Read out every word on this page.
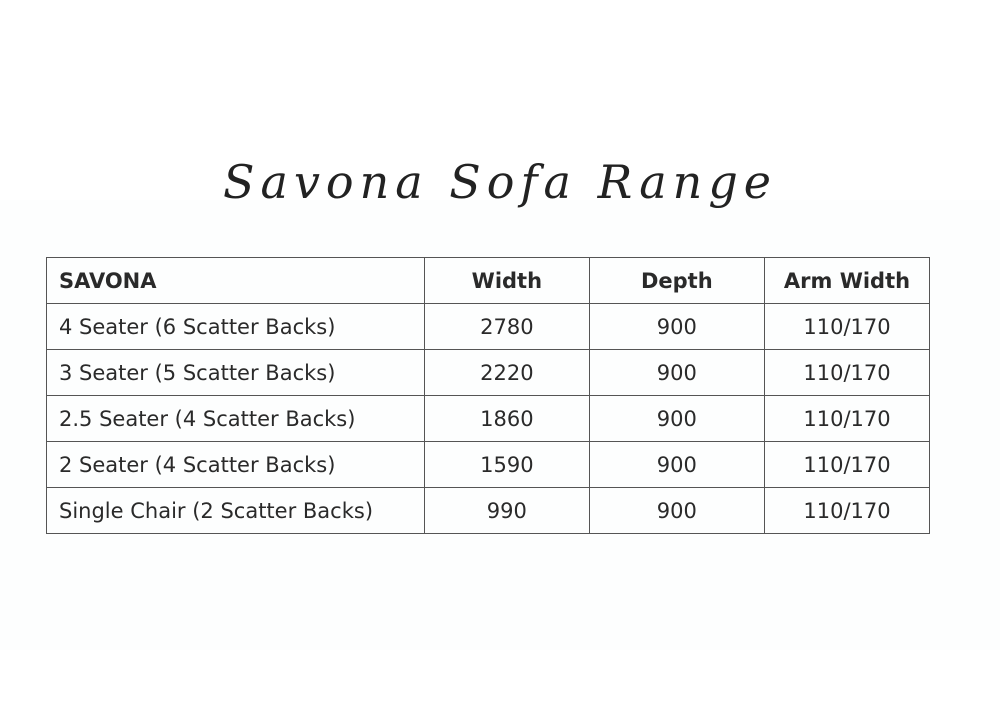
Savona Sofa Range
SAVONA	Width	Depth	Arm Width
4 Seater (6 Scatter Backs)	2780	900	110/170
3 Seater (5 Scatter Backs)	2220	900	110/170
2.5 Seater (4 Scatter Backs)	1860	900	110/170
2 Seater (4 Scatter Backs)	1590	900	110/170
Single Chair (2 Scatter Backs)	990	900	110/170
